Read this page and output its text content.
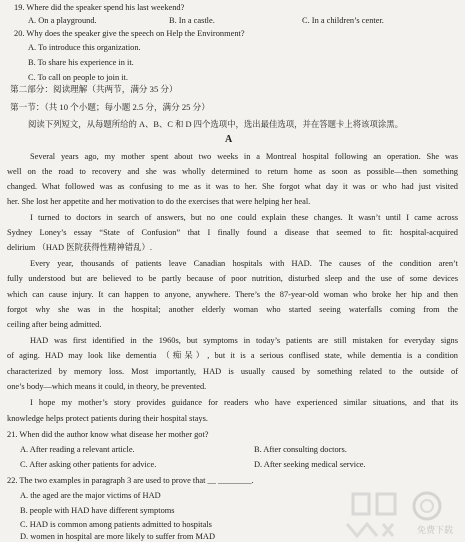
19. Where did the speaker spend his last weekend?
A. On a playground.	B. In a castle.	C. In a children’s center.
20. Why does the speaker give the speech on Help the Environment?
A. To introduce this organization.
B. To share his experience in it.
C. To call on people to join it.
第二部分：阅读理解（共两节，满分 35 分）
第一节：（共 10 个小题；每小题 2.5 分，满分 25 分）
阅读下列短文，从每题所给的 A、B、C 和 D 四个选项中，选出最佳选项，并在答题卡上将该项涂黑。
A
Several years ago, my mother spent about two weeks in a Montreal hospital following an operation. She was
well on the road to recovery and she was wholly determined to return home as soon as possible—then something
changed. What followed was as confusing to me as it was to her. She forgot what day it was or who had just visited
her. She lost her appetite and her motivation to do the exercises that were helping her heal.
I turned to doctors in search of answers, but no one could explain these changes. It wasn’t until I came across
Sydney Loney’s essay “State of Confusion” that I finally found a disease that seemed to fit: hospital-acquired
delirium （HAD 医院获得性精神错乱）.
Every year, thousands of patients leave Canadian hospitals with HAD. The causes of the condition aren’t
fully understood but are believed to be partly because of poor nutrition, disturbed sleep and the use of some devices
which can cause injury. It can happen to anyone, anywhere. There’s the 87-year-old woman who broke her hip and then
forgot why she was in the hospital; another elderly woman who started seeing waterfalls coming from the
ceiling after being admitted.
HAD was first identified in the 1960s, but symptoms in today’s patients are still mistaken for everyday signs
of aging. HAD may look like dementia （痴呆）, but it is a serious conflised state, while dementia is a condition
characterized by memory loss. Most importantly, HAD is usually caused by something related to the outside of
one’s body—which means it could, in theory, be prevented.
I hope my mother’s story provides guidance for readers who have experienced similar situations, and that its
knowledge helps protect patients during their hospital stays.
21. When did the author know what disease her mother got?
A. After reading a relevant article.	B. After consulting doctors.
C. After asking other patients for advice.	D. After seeking medical service.
22. The two examples in paragraph 3 are used to prove that __ ________.
A. the aged are the major victims of HAD
B. people with HAD have different symptoms
C. HAD is common among patients admitted to hospitals
D. women in hospital are more likely to suffer from MAD
免费下载
